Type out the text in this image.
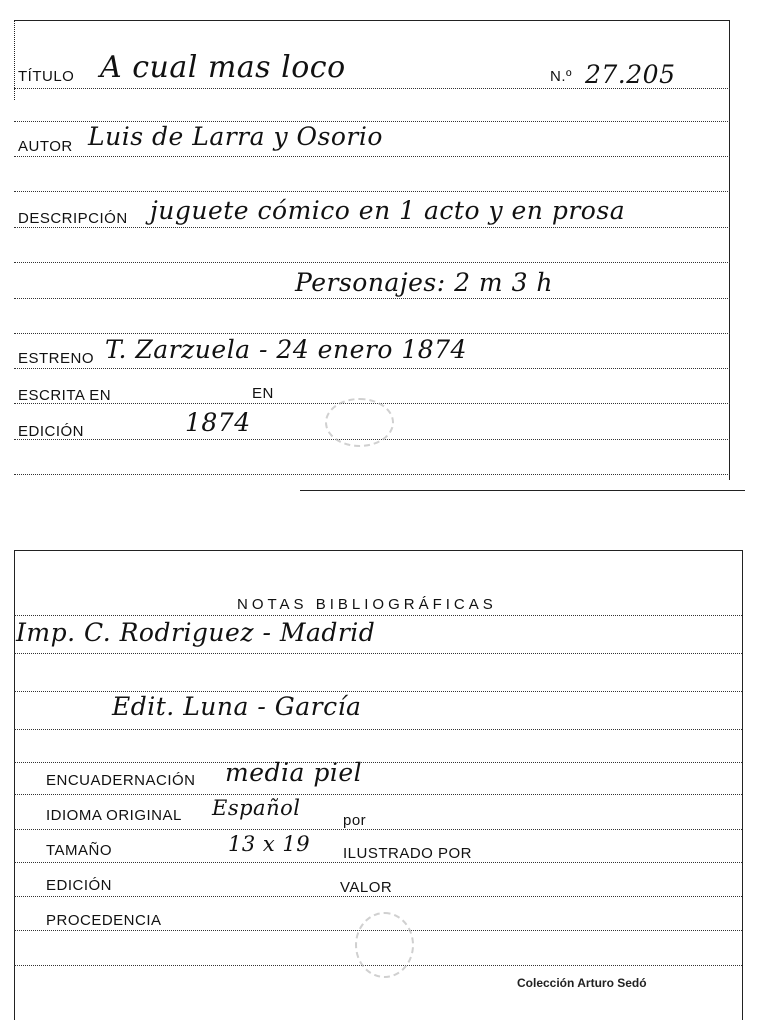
TÍTULO A cual mas loco	N.º 27.205
AUTOR Luis de Larra y Osorio
DESCRIPCIÓN juguete cómico en 1 acto y en prosa
Personajes: 2 m 3 h
ESTRENO T. Zarzuela - 24 enero 1874
ESCRITA EN	EN
EDICIÓN	1874
NOTAS BIBLIOGRÁFICAS
Imp. C. Rodriguez - Madrid
Edit. Luna - García
ENCUADERNACIÓN media piel
IDIOMA ORIGINAL Español
por
TAMAÑO	13 x 19 ILUSTRADO POR
EDICIÓN	VALOR
PROCEDENCIA
Colección Arturo Sedó
